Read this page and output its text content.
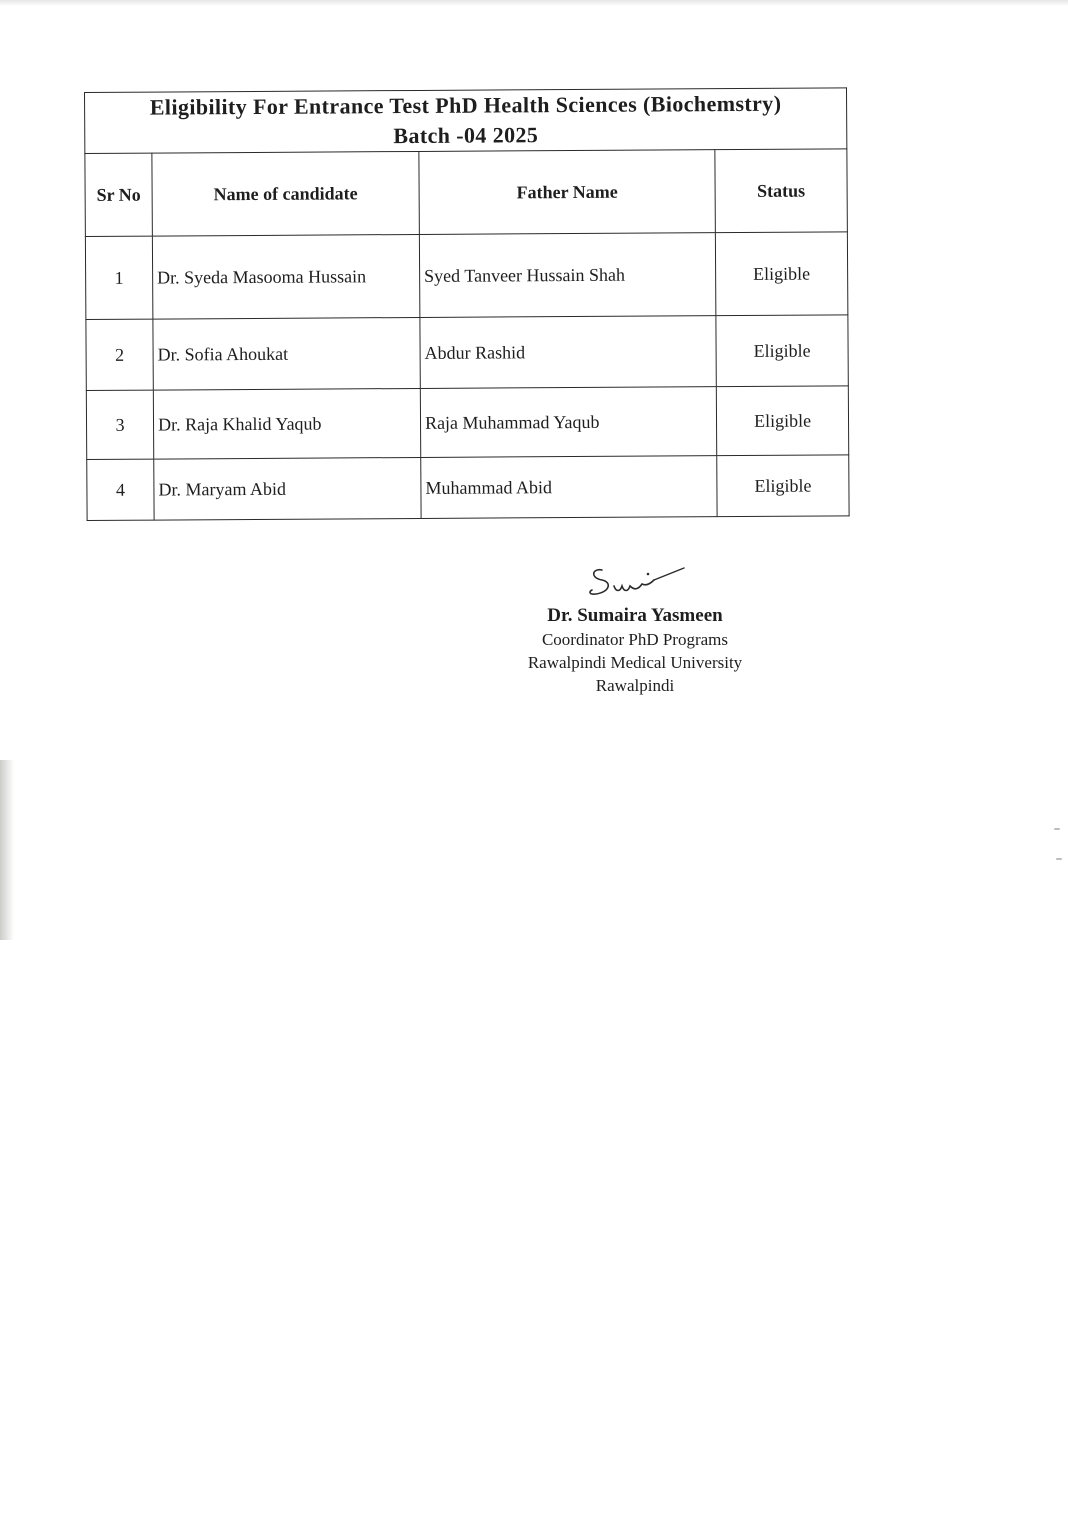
Eligibility For Entrance Test PhD Health Sciences (Biochemstry)
Batch -04 2025			

Sr No	Name of candidate	Father Name	Status
1	Dr. Syeda Masooma Hussain	Syed Tanveer Hussain Shah	Eligible
2	Dr. Sofia Ahoukat	Abdur Rashid	Eligible
3	Dr. Raja Khalid Yaqub	Raja Muhammad Yaqub	Eligible
4	Dr. Maryam Abid	Muhammad Abid	Eligible
Dr. Sumaira Yasmeen
Coordinator PhD Programs
Rawalpindi Medical University
Rawalpindi
